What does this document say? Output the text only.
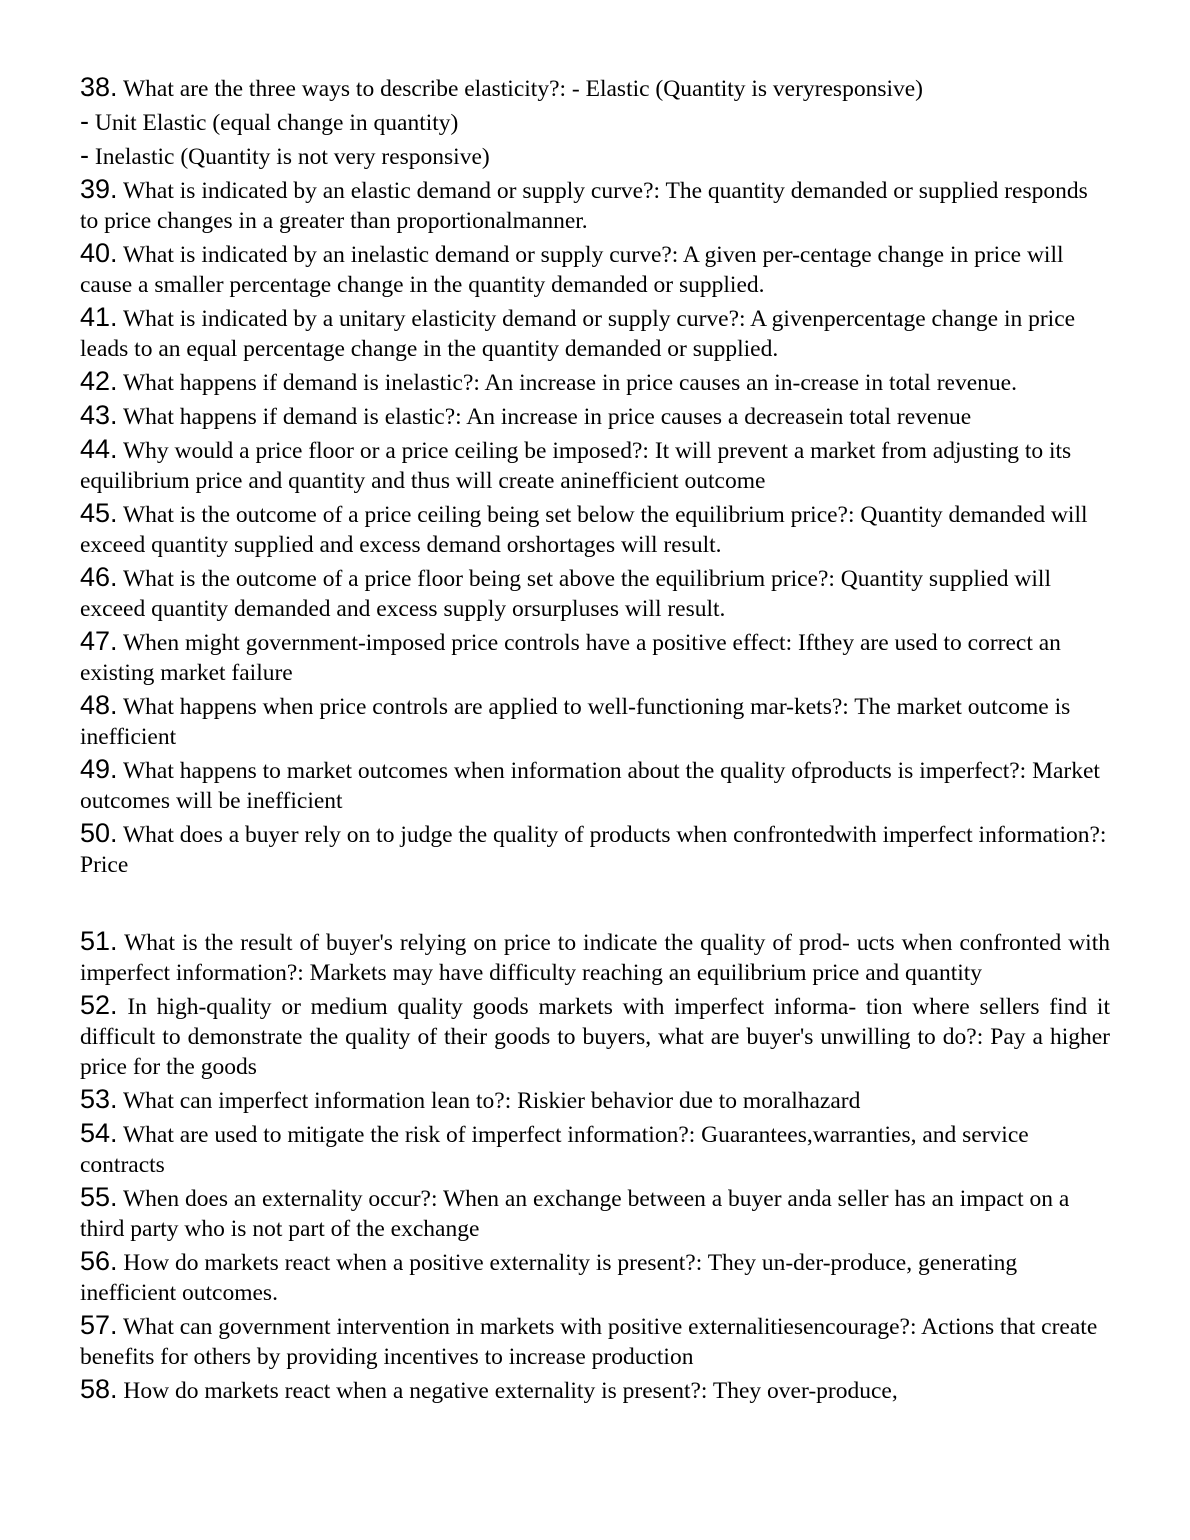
38. What are the three ways to describe elasticity?: - Elastic (Quantity is veryresponsive)
- Unit Elastic (equal change in quantity)
- Inelastic (Quantity is not very responsive)
39. What is indicated by an elastic demand or supply curve?: The quantity demanded or supplied responds to price changes in a greater than proportionalmanner.
40. What is indicated by an inelastic demand or supply curve?: A given per-centage change in price will cause a smaller percentage change in the quantity demanded or supplied.
41. What is indicated by a unitary elasticity demand or supply curve?: A givenpercentage change in price leads to an equal percentage change in the quantity demanded or supplied.
42. What happens if demand is inelastic?: An increase in price causes an in-crease in total revenue.
43. What happens if demand is elastic?: An increase in price causes a decreasein total revenue
44. Why would a price floor or a price ceiling be imposed?: It will prevent a market from adjusting to its equilibrium price and quantity and thus will create aninefficient outcome
45. What is the outcome of a price ceiling being set below the equilibrium price?: Quantity demanded will exceed quantity supplied and excess demand orshortages will result.
46. What is the outcome of a price floor being set above the equilibrium price?: Quantity supplied will exceed quantity demanded and excess supply orsurpluses will result.
47. When might government-imposed price controls have a positive effect: Ifthey are used to correct an existing market failure
48. What happens when price controls are applied to well-functioning mar-kets?: The market outcome is inefficient
49. What happens to market outcomes when information about the quality ofproducts is imperfect?: Market outcomes will be inefficient
50. What does a buyer rely on to judge the quality of products when confrontedwith imperfect information?: Price
51. What is the result of buyer's relying on price to indicate the quality of prod- ucts when confronted with imperfect information?: Markets may have difficulty reaching an equilibrium price and quantity
52. In high-quality or medium quality goods markets with imperfect informa- tion where sellers find it difficult to demonstrate the quality of their goods to buyers, what are buyer's unwilling to do?: Pay a higher price for the goods
53. What can imperfect information lean to?: Riskier behavior due to moralhazard
54. What are used to mitigate the risk of imperfect information?: Guarantees,warranties, and service contracts
55. When does an externality occur?: When an exchange between a buyer anda seller has an impact on a third party who is not part of the exchange
56. How do markets react when a positive externality is present?: They un-der-produce, generating inefficient outcomes.
57. What can government intervention in markets with positive externalitiesencourage?: Actions that create benefits for others by providing incentives to increase production
58. How do markets react when a negative externality is present?: They over-produce,
